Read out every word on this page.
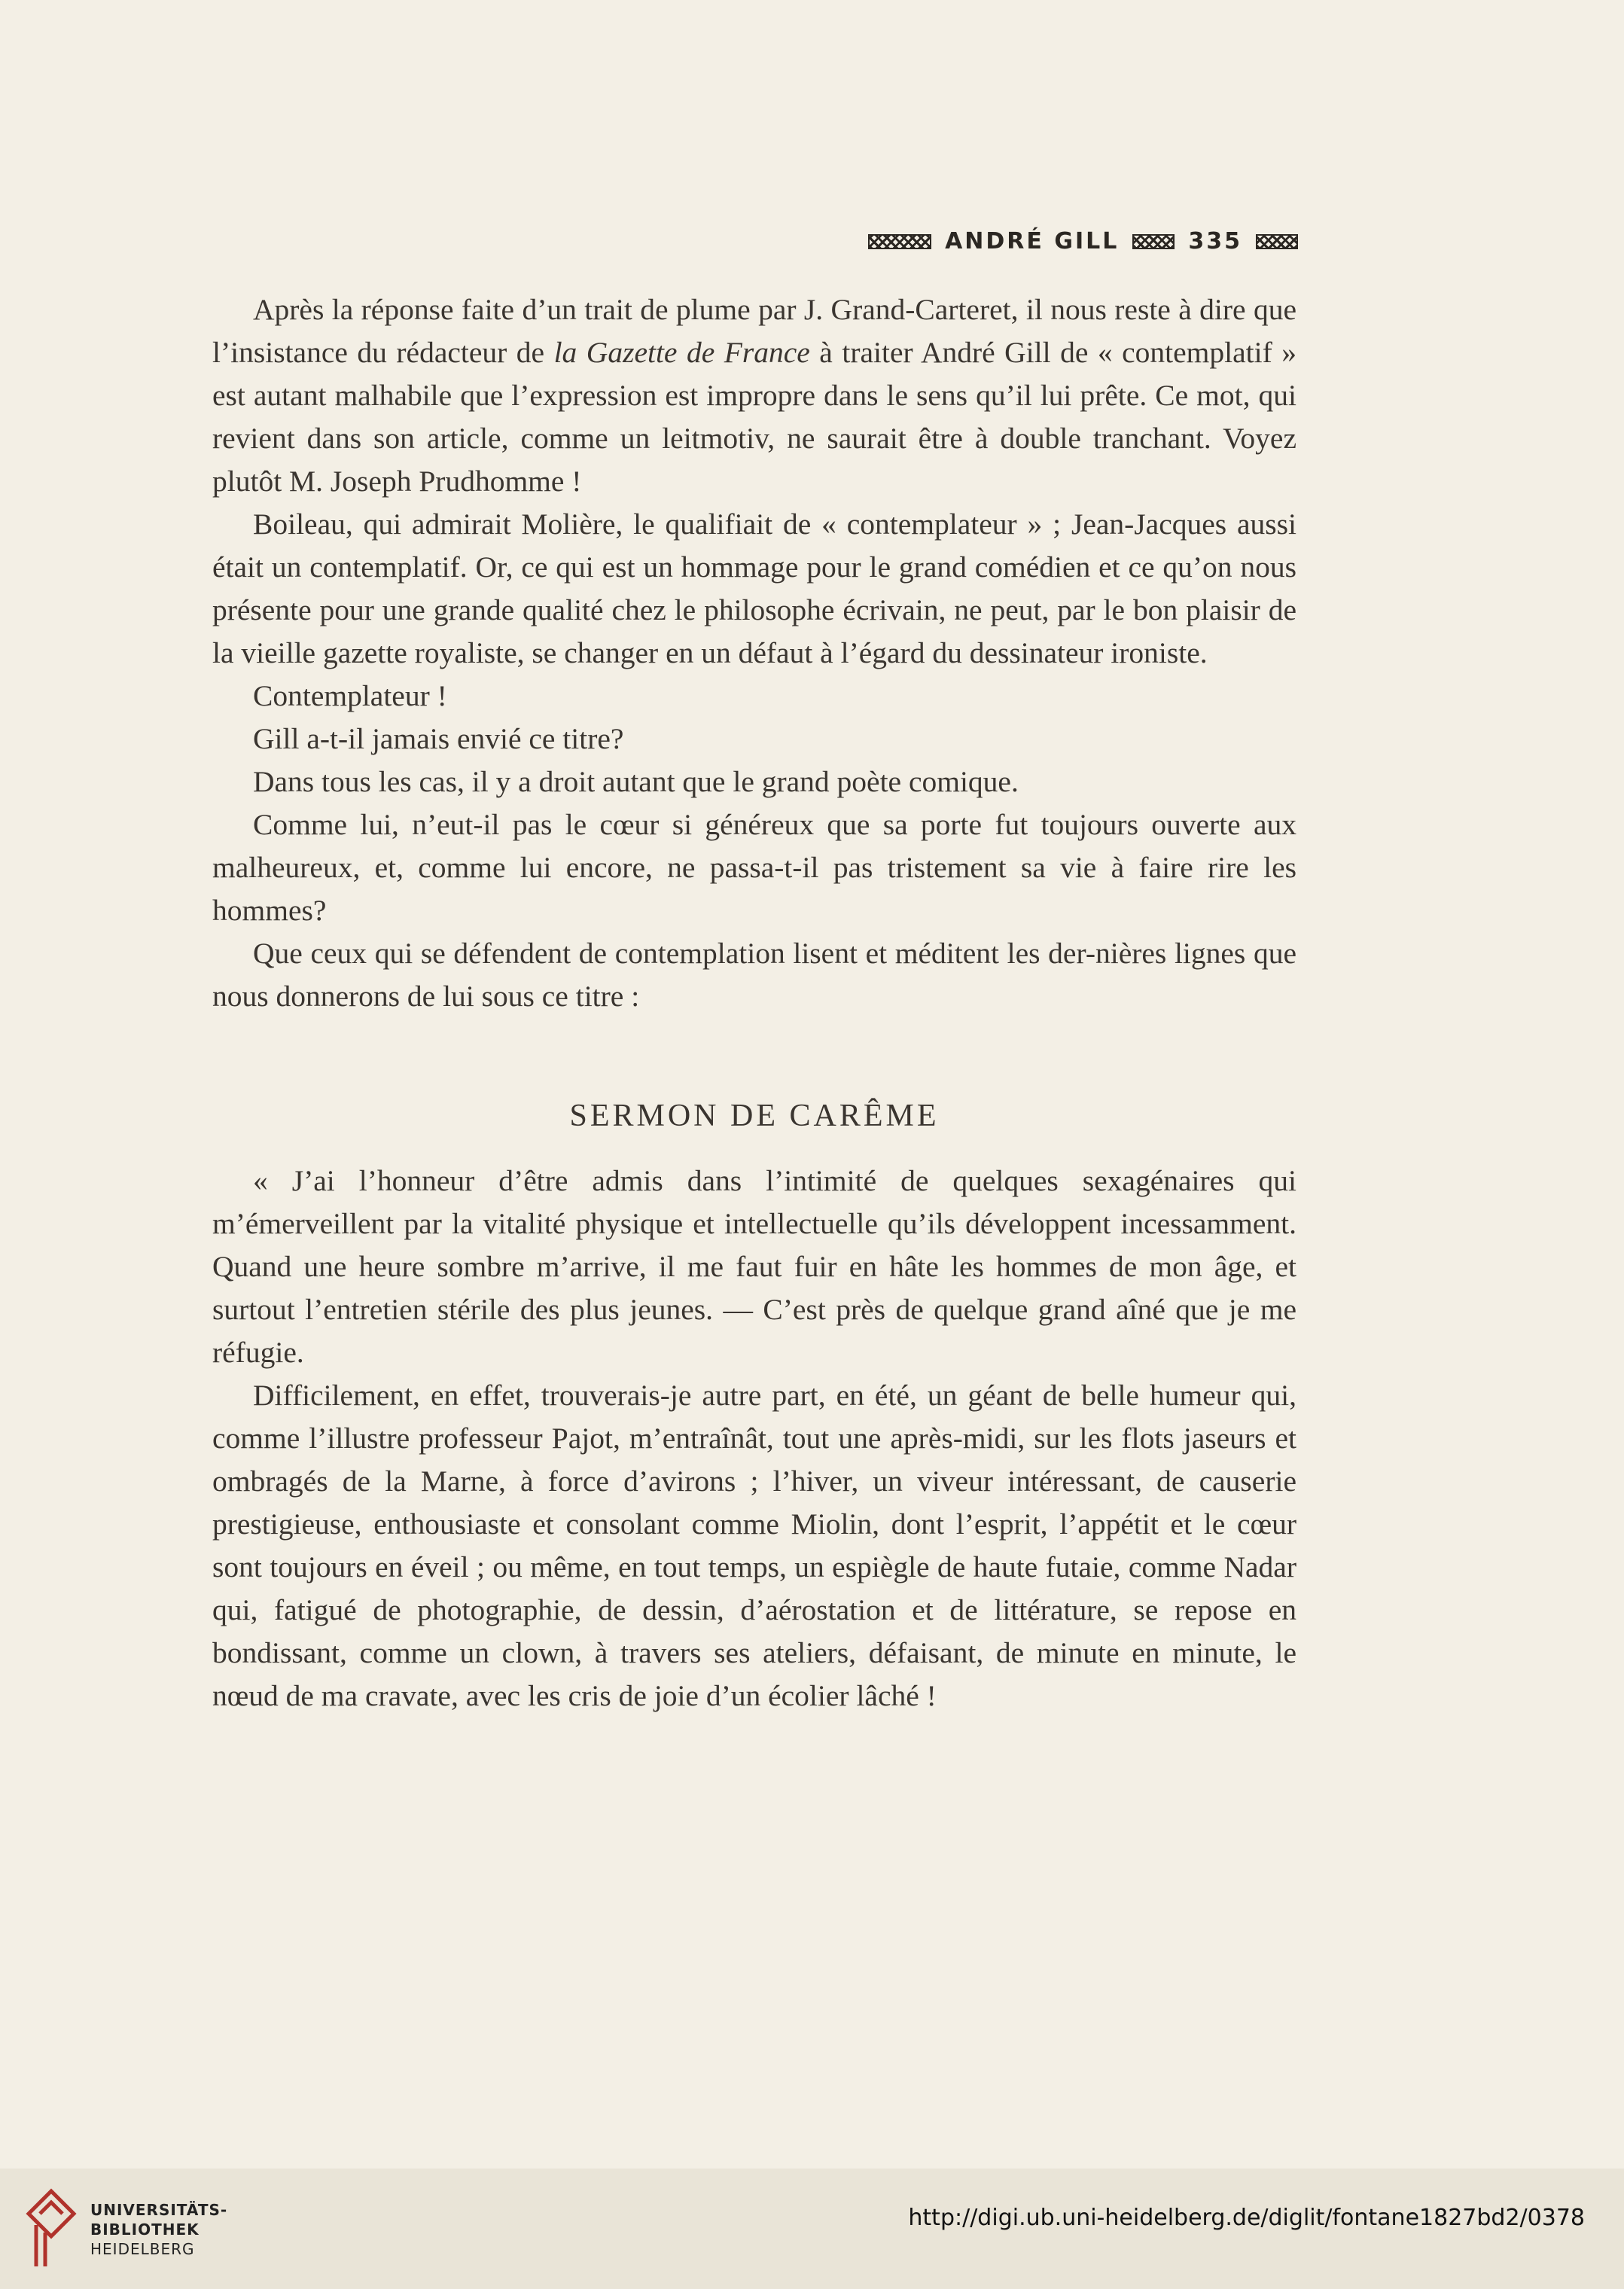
ANDRÉ GILL	335

Après la réponse faite d’un trait de plume par J. Grand-Carteret, il nous reste à dire que l’insistance du rédacteur de la Gazette de France à traiter André Gill de « contemplatif » est autant malhabile que l’expression est impropre dans le sens qu’il lui prête. Ce mot, qui revient dans son article, comme un leitmotiv, ne saurait être à double tranchant. Voyez plutôt M. Joseph Prudhomme !

Boileau, qui admirait Molière, le qualifiait de « contemplateur » ; Jean-Jacques aussi était un contemplatif. Or, ce qui est un hommage pour le grand comédien et ce qu’on nous présente pour une grande qualité chez le philosophe écrivain, ne peut, par le bon plaisir de la vieille gazette royaliste, se changer en un défaut à l’égard du dessinateur ironiste.

Contemplateur !

Gill a-t-il jamais envié ce titre?

Dans tous les cas, il y a droit autant que le grand poète comique.

Comme lui, n’eut-il pas le cœur si généreux que sa porte fut toujours ouverte aux malheureux, et, comme lui encore, ne passa-t-il pas tristement sa vie à faire rire les hommes?

Que ceux qui se défendent de contemplation lisent et méditent les der-nières lignes que nous donnerons de lui sous ce titre :

SERMON DE CARÊME

« J’ai l’honneur d’être admis dans l’intimité de quelques sexagénaires qui m’émerveillent par la vitalité physique et intellectuelle qu’ils développent incessamment. Quand une heure sombre m’arrive, il me faut fuir en hâte les hommes de mon âge, et surtout l’entretien stérile des plus jeunes. — C’est près de quelque grand aîné que je me réfugie.

Difficilement, en effet, trouverais-je autre part, en été, un géant de belle humeur qui, comme l’illustre professeur Pajot, m’entraînât, tout une après-midi, sur les flots jaseurs et ombragés de la Marne, à force d’avirons ; l’hiver, un viveur intéressant, de causerie prestigieuse, enthousiaste et consolant comme Miolin, dont l’esprit, l’appétit et le cœur sont toujours en éveil ; ou même, en tout temps, un espiègle de haute futaie, comme Nadar qui, fatigué de photographie, de dessin, d’aérostation et de littérature, se repose en bondissant, comme un clown, à travers ses ateliers, défaisant, de minute en minute, le nœud de ma cravate, avec les cris de joie d’un écolier lâché !

UNIVERSITÄTS-
BIBLIOTHEK
HEIDELBERG
http://digi.ub.uni-heidelberg.de/diglit/fontane1827bd2/0378
